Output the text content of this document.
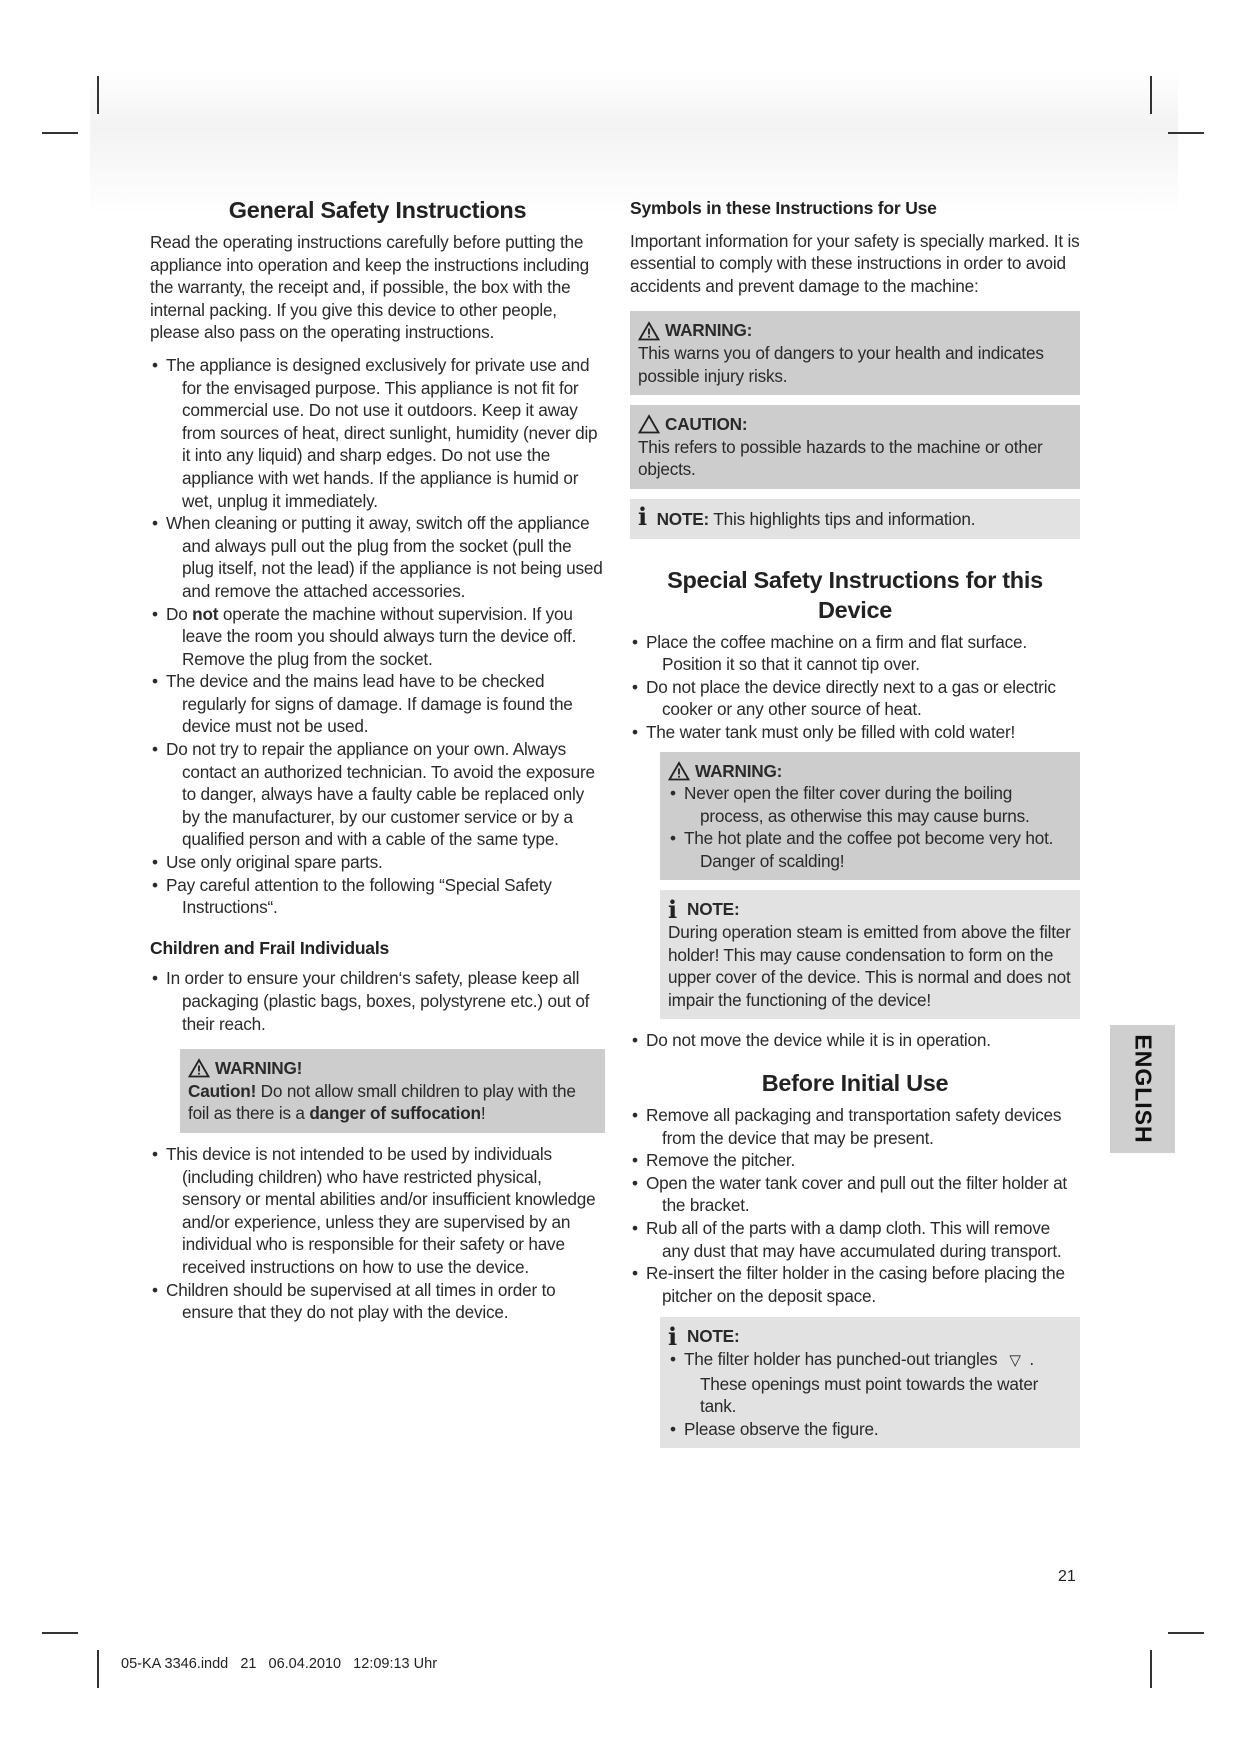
General Safety Instructions

Read the operating instructions carefully before putting the appliance into operation and keep the instructions including the warranty, the receipt and, if possible, the box with the internal packing. If you give this device to other people, please also pass on the operating instructions.

• The appliance is designed exclusively for private use and for the envisaged purpose. This appliance is not fit for commercial use. Do not use it outdoors. Keep it away from sources of heat, direct sunlight, humidity (never dip it into any liquid) and sharp edges. Do not use the appliance with wet hands. If the appliance is humid or wet, unplug it immediately.
• When cleaning or putting it away, switch off the appliance and always pull out the plug from the socket (pull the plug itself, not the lead) if the appliance is not being used and remove the attached accessories.
• Do not operate the machine without supervision. If you leave the room you should always turn the device off. Remove the plug from the socket.
• The device and the mains lead have to be checked regularly for signs of damage. If damage is found the device must not be used.
• Do not try to repair the appliance on your own. Always contact an authorized technician. To avoid the exposure to danger, always have a faulty cable be replaced only by the manufacturer, by our customer service or by a qualified person and with a cable of the same type.
• Use only original spare parts.
• Pay careful attention to the following “Special Safety Instructions“.
Children and Frail Individuals
• In order to ensure your children‘s safety, please keep all packaging (plastic bags, boxes, polystyrene etc.) out of their reach.
WARNING!
Caution! Do not allow small children to play with the foil as there is a danger of suffocation!
• This device is not intended to be used by individuals (including children) who have restricted physical, sensory or mental abilities and/or insufficient knowledge and/or experience, unless they are supervised by an individual who is responsible for their safety or have received instructions on how to use the device.
• Children should be supervised at all times in order to ensure that they do not play with the device.
Symbols in these Instructions for Use

Important information for your safety is specially marked. It is essential to comply with these instructions in order to avoid accidents and prevent damage to the machine:

WARNING:
This warns you of dangers to your health and indicates possible injury risks.
CAUTION:
This refers to possible hazards to the machine or other objects.
i NOTE: This highlights tips and information.
Special Safety Instructions for this Device
• Place the coffee machine on a firm and flat surface. Position it so that it cannot tip over.
• Do not place the device directly next to a gas or electric cooker or any other source of heat.
• The water tank must only be filled with cold water!
WARNING:
• Never open the filter cover during the boiling process, as otherwise this may cause burns.
• The hot plate and the coffee pot become very hot. Danger of scalding!
i NOTE:
During operation steam is emitted from above the filter holder! This may cause condensation to form on the upper cover of the device. This is normal and does not impair the functioning of the device!
• Do not move the device while it is in operation.
Before Initial Use
• Remove all packaging and transportation safety devices from the device that may be present.
• Remove the pitcher.
• Open the water tank cover and pull out the filter holder at the bracket.
• Rub all of the parts with a damp cloth. This will remove any dust that may have accumulated during transport.
• Re-insert the filter holder in the casing before placing the pitcher on the deposit space.
i NOTE:
• The filter holder has punched-out triangles ▽ . These openings must point towards the water tank.
• Please observe the figure.
ENGLISH
21
05-KA 3346.indd   21   06.04.2010   12:09:13 Uhr
